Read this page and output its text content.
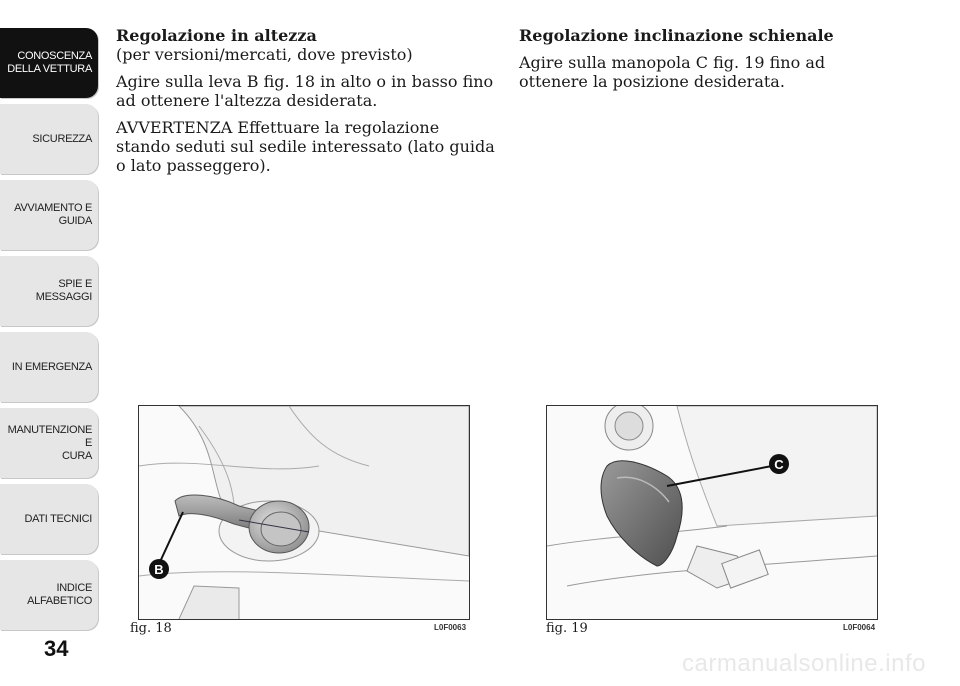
CONOSCENZA
DELLA VETTURA
SICUREZZA
AVVIAMENTO E
GUIDA
SPIE E MESSAGGI
IN EMERGENZA
MANUTENZIONE E
CURA
DATI TECNICI
INDICE
ALFABETICO
34
Regolazione in altezza
(per versioni/mercati, dove previsto)

Agire sulla leva B fig. 18 in alto o in basso fino ad ottenere l'altezza desiderata.

AVVERTENZA Effettuare la regolazione stando seduti sul sedile interessato (lato guida o lato passeggero).

Regolazione inclinazione schienale

Agire sulla manopola C fig. 19 fino ad ottenere la posizione desiderata.

B
fig. 18	L0F0063
C
fig. 19	L0F0064
carmanualsonline.info
